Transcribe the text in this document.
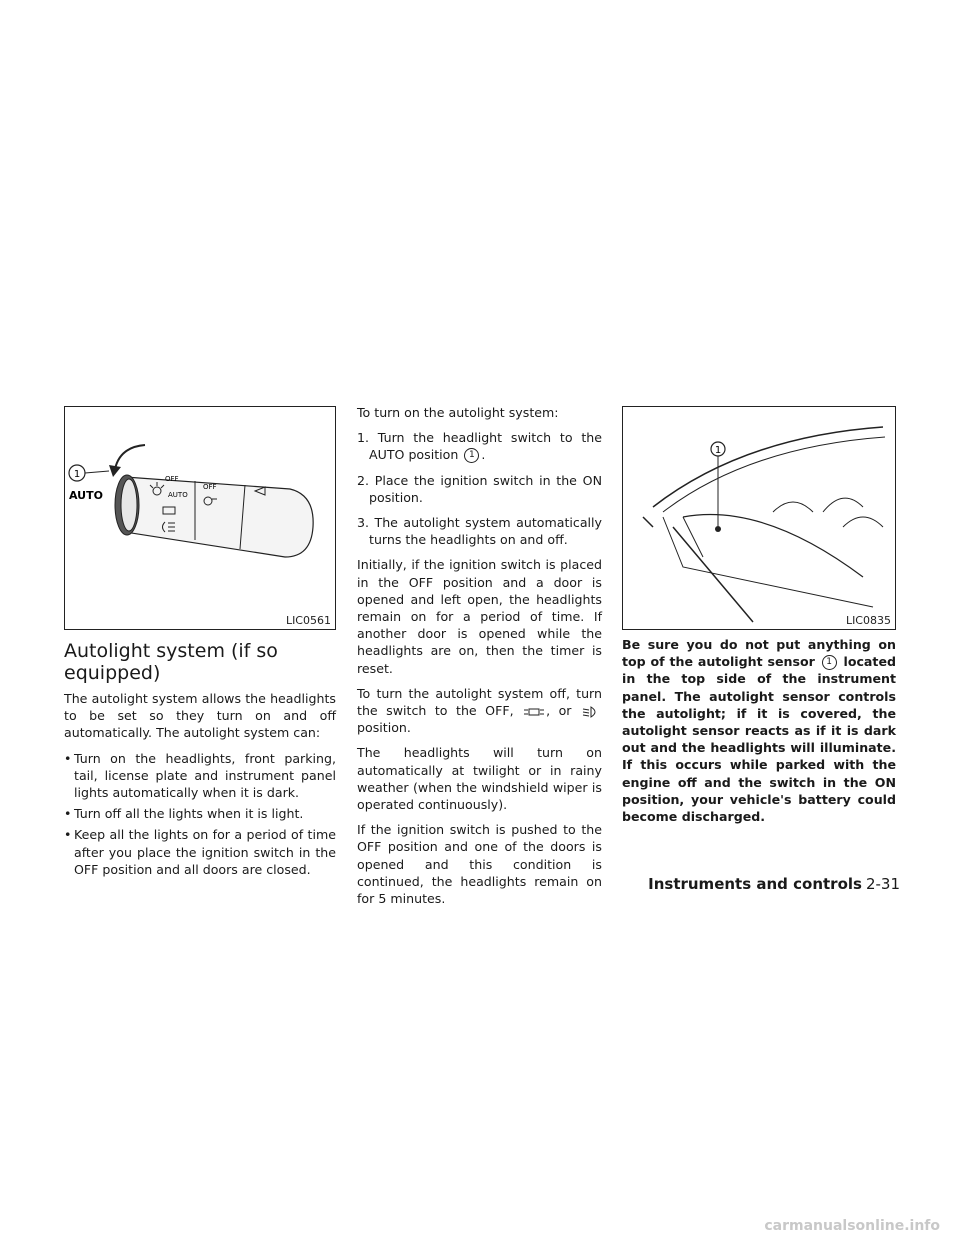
1
AUTO
OFF
AUTO
OFF
LIC0561
Autolight system (if so equipped)

The autolight system allows the headlights to be set so they turn on and off automatically. The autolight system can:

• Turn on the headlights, front parking, tail, license plate and instrument panel lights automatically when it is dark.
• Turn off all the lights when it is light.
• Keep all the lights on for a period of time after you place the ignition switch in the OFF position and all doors are closed.

To turn on the autolight system:

1. Turn the headlight switch to the AUTO position 1 .
2. Place the ignition switch in the ON position.
3. The autolight system automatically turns the headlights on and off.

Initially, if the ignition switch is placed in the OFF position and a door is opened and left open, the headlights remain on for a period of time. If another door is opened while the headlights are on, then the timer is reset.

To turn the autolight system off, turn the switch to the OFF,	, or  position.

The headlights will turn on automatically at twilight or in rainy weather (when the windshield wiper is operated continuously).

If the ignition switch is pushed to the OFF position and one of the doors is opened and this condition is continued, the headlights remain on for 5 minutes.

1
LIC0835

Be sure you do not put anything on top of the autolight sensor 1 located in the top side of the instrument panel. The autolight sensor controls the autolight; if it is covered, the autolight sensor reacts as if it is dark out and the headlights will illuminate. If this occurs while parked with the engine off and the switch in the ON position, your vehicle's battery could become discharged.

Instruments and controls 2-31
carmanualsonline.info
